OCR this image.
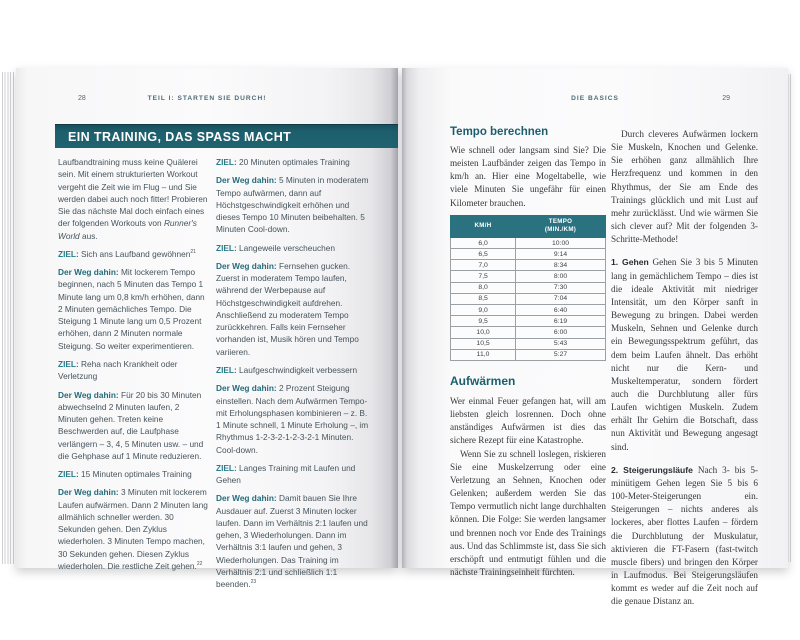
28	TEIL I: STARTEN SIE DURCH!
EIN TRAINING, DAS SPASS MACHT

Laufbandtraining muss keine Quälerei sein. Mit einem strukturierten Workout vergeht die Zeit wie im Flug – und Sie werden dabei auch noch fitter! Probieren Sie das nächste Mal doch einfach eines der folgenden Workouts von Runner's World aus.

ZIEL: Sich ans Laufband gewöhnen$^{21}$

Der Weg dahin: Mit lockerem Tempo beginnen, nach 5 Minuten das Tempo 1 Minute lang um 0,8 km/h erhöhen, dann 2 Minuten gemächliches Tempo. Die Steigung 1 Minute lang um 0,5 Prozent erhöhen, dann 2 Minuten normale Steigung. So weiter experimentieren.

ZIEL: Reha nach Krankheit oder Verletzung

Der Weg dahin: Für 20 bis 30 Minuten abwechselnd 2 Minuten laufen, 2 Minuten gehen. Treten keine Beschwerden auf, die Laufphase verlängern – 3, 4, 5 Minuten usw. – und die Gehphase auf 1 Minute reduzieren.

ZIEL: 15 Minuten optimales Training

Der Weg dahin: 3 Minuten mit lockerem Laufen aufwärmen. Dann 2 Minuten lang allmählich schneller werden. 30 Sekunden gehen. Den Zyklus wiederholen. 3 Minuten Tempo machen, 30 Sekunden gehen. Diesen Zyklus wiederholen. Die restliche Zeit gehen.$^{22}$

ZIEL: 20 Minuten optimales Training

Der Weg dahin: 5 Minuten in moderatem Tempo aufwärmen, dann auf Höchstgeschwindigkeit erhöhen und dieses Tempo 10 Minuten beibehalten. 5 Minuten Cool-down.

ZIEL: Langeweile verscheuchen

Der Weg dahin: Fernsehen gucken. Zuerst in moderatem Tempo laufen, während der Werbepause auf Höchstgeschwindigkeit aufdrehen. Anschließend zu moderatem Tempo zurückkehren. Falls kein Fernseher vorhanden ist, Musik hören und Tempo variieren.

ZIEL: Laufgeschwindigkeit verbessern

Der Weg dahin: 2 Prozent Steigung einstellen. Nach dem Aufwärmen Tempo- mit Erholungsphasen kombinieren – z. B. 1 Minute schnell, 1 Minute Erholung –, im Rhythmus 1-2-3-2-1-2-3-2-1 Minuten. Cool-down.

ZIEL: Langes Training mit Laufen und Gehen

Der Weg dahin: Damit bauen Sie Ihre Ausdauer auf. Zuerst 3 Minuten locker laufen. Dann im Verhältnis 2:1 laufen und gehen, 3 Wiederholungen. Dann im Verhältnis 3:1 laufen und gehen, 3 Wiederholungen. Das Training im Verhältnis 2:1 und schließlich 1:1 beenden.$^{23}$

DIE BASICS	29
Tempo berechnen

Wie schnell oder langsam sind Sie? Die meisten Laufbänder zeigen das Tempo in km/h an. Hier eine Mogeltabelle, wie viele Minuten Sie ungefähr für einen Kilometer brauchen.

KM/H	TEMPO
(MIN./KM)

6,0	10:00
6,5	9:14
7,0	8:34
7,5	8:00
8,0	7:30
8,5	7:04
9,0	6:40
9,5	6:19
10,0	6:00
10,5	5:43
11,0	5:27
Aufwärmen

Wer einmal Feuer gefangen hat, will am liebsten gleich losrennen. Doch ohne anständiges Aufwärmen ist dies das sichere Rezept für eine Katastrophe.

Wenn Sie zu schnell loslegen, riskieren Sie eine Muskelzerrung oder eine Verletzung an Sehnen, Knochen oder Gelenken; außerdem werden Sie das Tempo vermutlich nicht lange durchhalten können. Die Folge: Sie werden langsamer und brennen noch vor Ende des Trainings aus. Und das Schlimmste ist, dass Sie sich erschöpft und entmutigt fühlen und die nächste Trainingseinheit fürchten.

Durch cleveres Aufwärmen lockern Sie Muskeln, Knochen und Gelenke. Sie erhöhen ganz allmählich Ihre Herzfrequenz und kommen in den Rhythmus, der Sie am Ende des Trainings glücklich und mit Lust auf mehr zurücklässt. Und wie wärmen Sie sich clever auf? Mit der folgenden 3-Schritte-Methode!

1. Gehen Gehen Sie 3 bis 5 Minuten lang in gemächlichem Tempo – dies ist die ideale Aktivität mit niedriger Intensität, um den Körper sanft in Bewegung zu bringen. Dabei werden Muskeln, Sehnen und Gelenke durch ein Bewegungsspektrum geführt, das dem beim Laufen ähnelt. Das erhöht nicht nur die Kern- und Muskeltemperatur, sondern fördert auch die Durchblutung aller fürs Laufen wichtigen Muskeln. Zudem erhält Ihr Gehirn die Botschaft, dass nun Aktivität und Bewegung angesagt sind.

2. Steigerungsläufe Nach 3- bis 5-minütigem Gehen legen Sie 5 bis 6 100-Meter-Steigerungen ein. Steigerungen – nichts anderes als lockeres, aber flottes Laufen – fördern die Durchblutung der Muskulatur, aktivieren die FT-Fasern (fast-twitch muscle fibers) und bringen den Körper in Laufmodus. Bei Steigerungsläufen kommt es weder auf die Zeit noch auf die genaue Distanz an.
